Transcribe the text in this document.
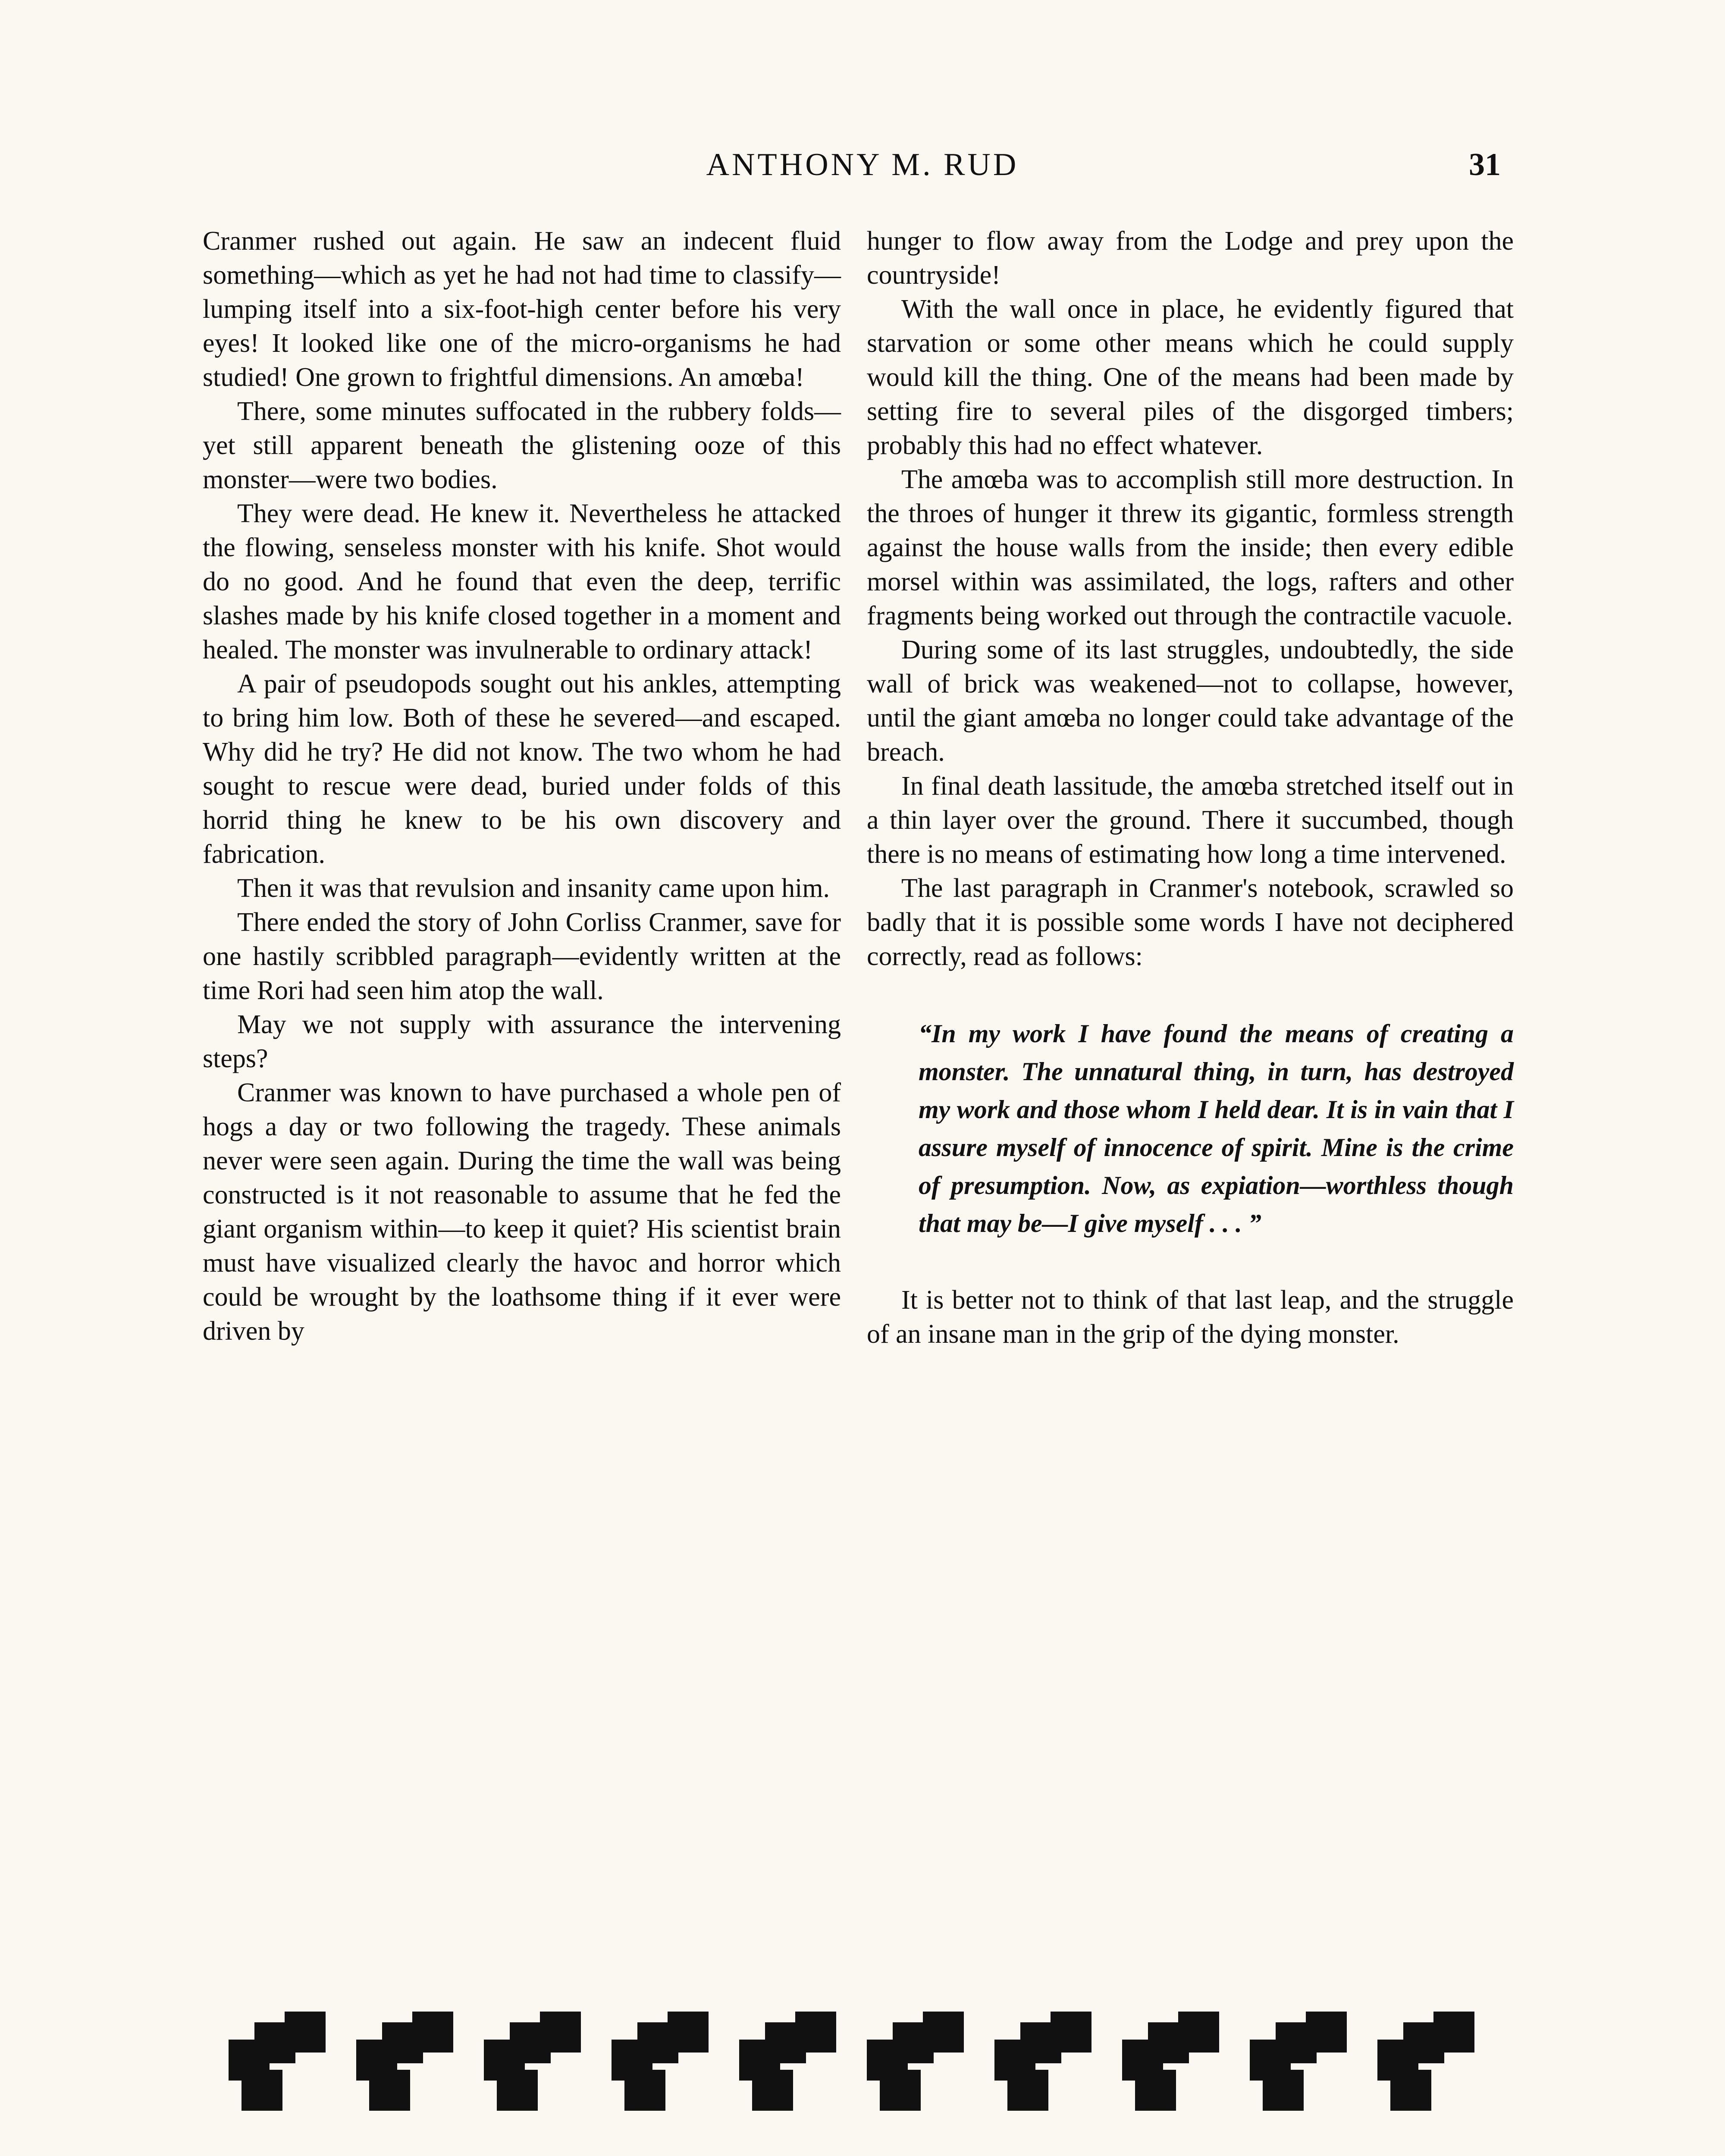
ANTHONY M. RUD	31

Cranmer rushed out again. He saw an indecent fluid something—which as yet he had not had time to classify—lumping itself into a six-foot-high center before his very eyes! It looked like one of the micro-organisms he had studied! One grown to frightful dimensions. An amœba!

There, some minutes suffocated in the rubbery folds—yet still apparent beneath the glistening ooze of this monster—were two bodies.

They were dead. He knew it. Nevertheless he attacked the flowing, senseless monster with his knife. Shot would do no good. And he found that even the deep, terrific slashes made by his knife closed together in a moment and healed. The monster was invulnerable to ordinary attack!

A pair of pseudopods sought out his ankles, attempting to bring him low. Both of these he severed—and escaped. Why did he try? He did not know. The two whom he had sought to rescue were dead, buried under folds of this horrid thing he knew to be his own discovery and fabrication.

Then it was that revulsion and insanity came upon him.

There ended the story of John Corliss Cranmer, save for one hastily scribbled paragraph—evidently written at the time Rori had seen him atop the wall.

May we not supply with assurance the intervening steps?

Cranmer was known to have purchased a whole pen of hogs a day or two following the tragedy. These animals never were seen again. During the time the wall was being constructed is it not reasonable to assume that he fed the giant organism within—to keep it quiet? His scientist brain must have visualized clearly the havoc and horror which could be wrought by the loathsome thing if it ever were driven by

hunger to flow away from the Lodge and prey upon the countryside!

With the wall once in place, he evidently figured that starvation or some other means which he could supply would kill the thing. One of the means had been made by setting fire to several piles of the disgorged timbers; probably this had no effect whatever.

The amœba was to accomplish still more destruction. In the throes of hunger it threw its gigantic, formless strength against the house walls from the inside; then every edible morsel within was assimilated, the logs, rafters and other fragments being worked out through the contractile vacuole.

During some of its last struggles, undoubtedly, the side wall of brick was weakened—not to collapse, however, until the giant amœba no longer could take advantage of the breach.

In final death lassitude, the amœba stretched itself out in a thin layer over the ground. There it succumbed, though there is no means of estimating how long a time intervened.

The last paragraph in Cranmer's notebook, scrawled so badly that it is possible some words I have not deciphered correctly, read as follows:

“In my work I have found the means of creating a monster. The unnatural thing, in turn, has destroyed my work and those whom I held dear. It is in vain that I assure myself of innocence of spirit. Mine is the crime of presumption. Now, as expiation—worthless though that may be—I give myself . . . ”

It is better not to think of that last leap, and the struggle of an insane man in the grip of the dying monster.
